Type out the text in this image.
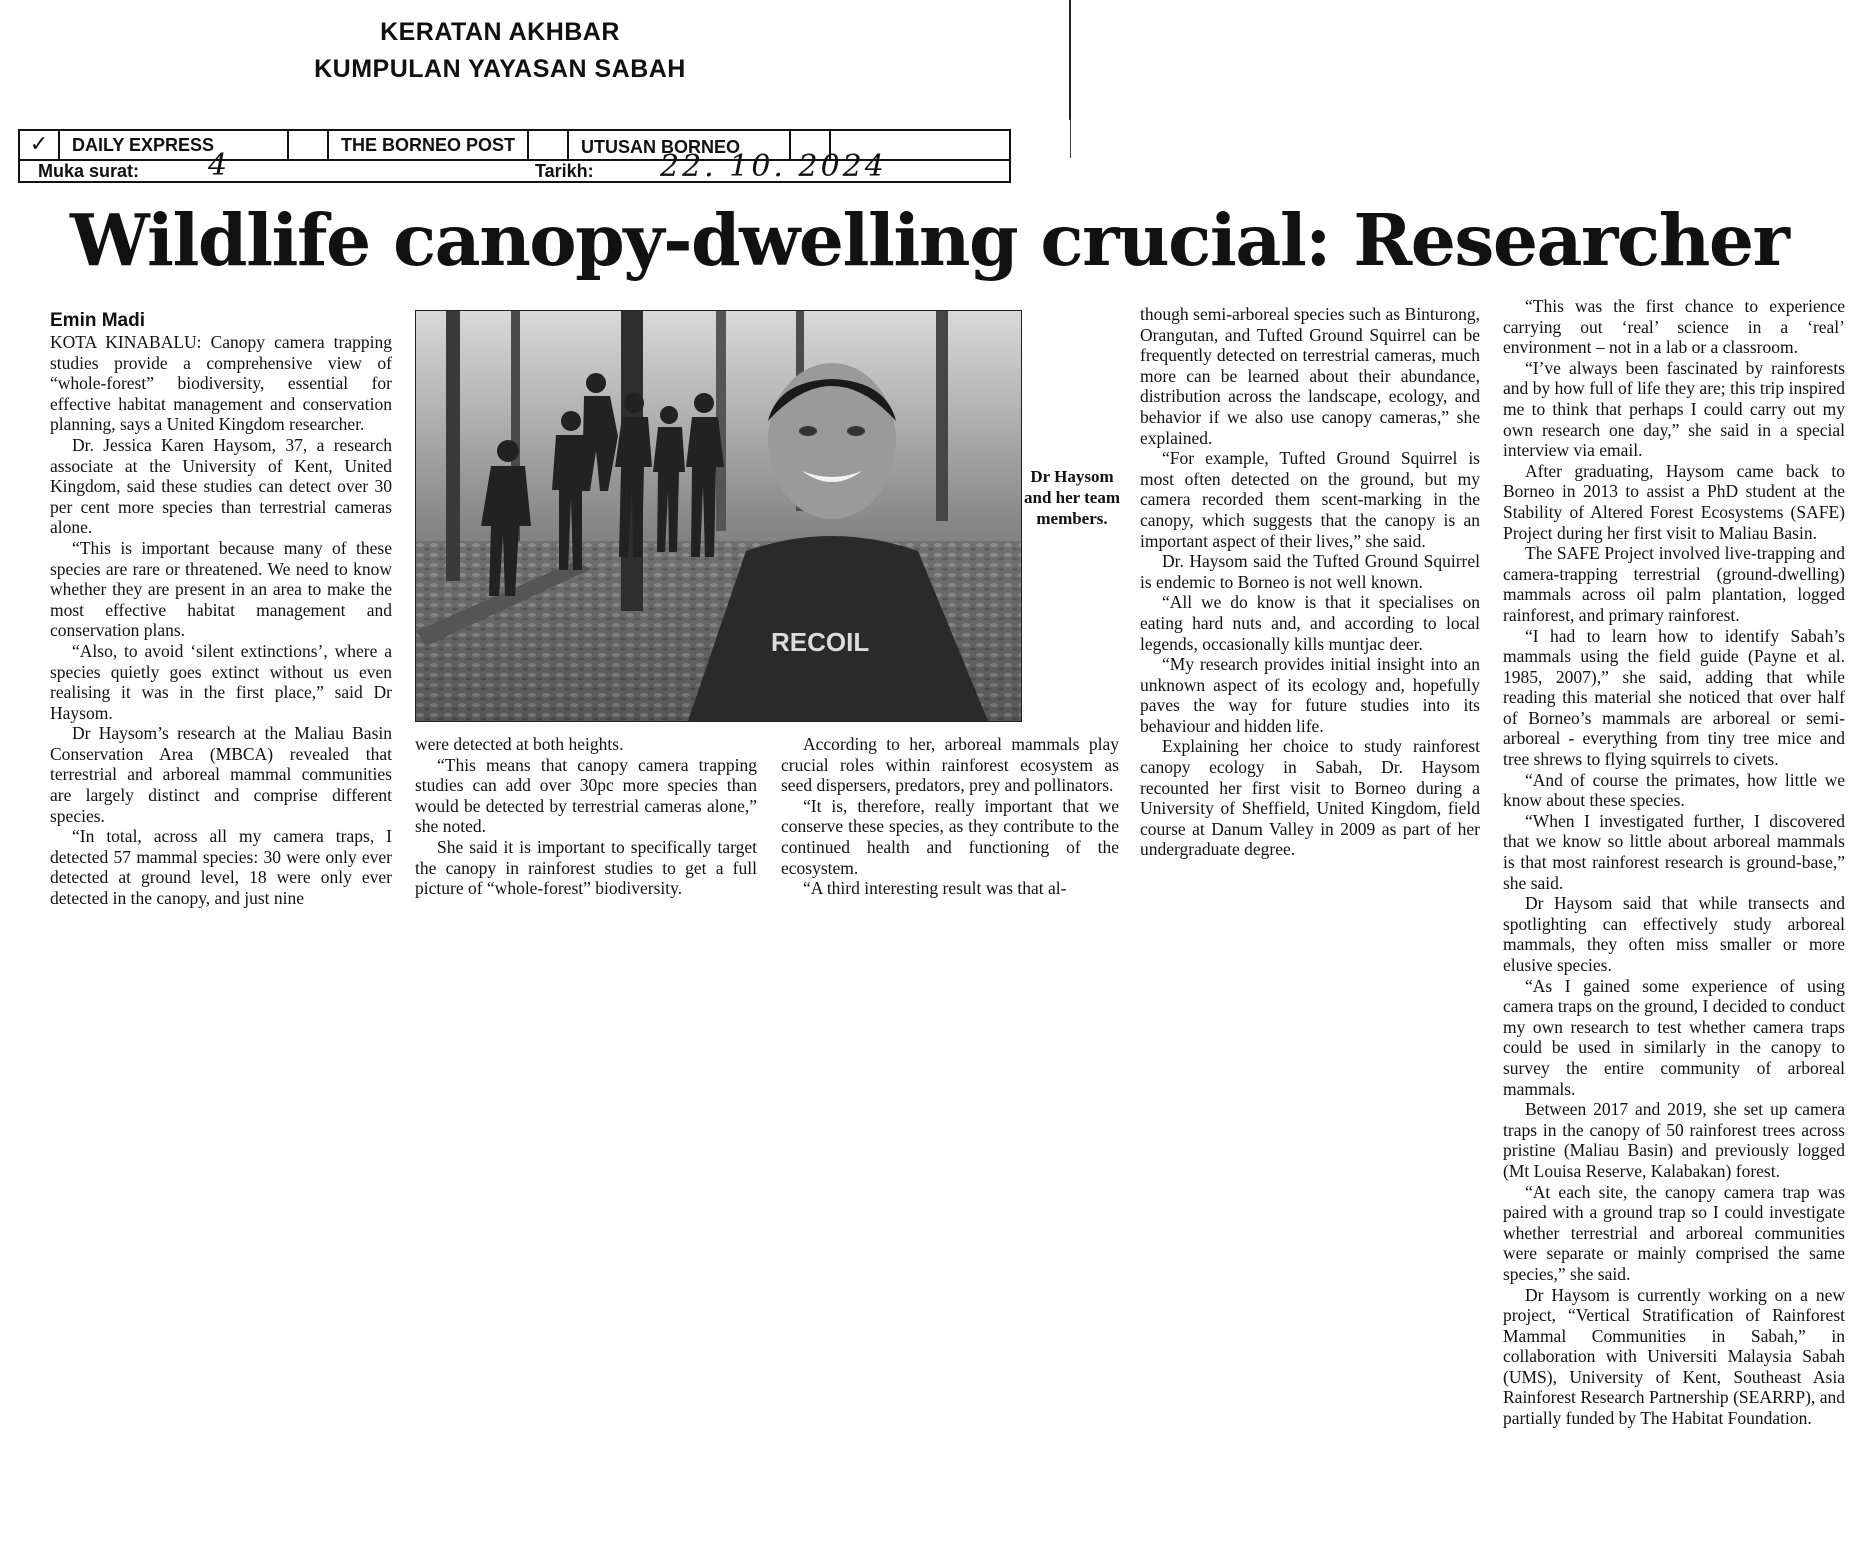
KERATAN AKHBAR
KUMPULAN YAYASAN SABAH
✓	DAILY EXPRESS	THE BORNEO POST	UTUSAN BORNEO
Muka surat: 4	Tarikh: 22. 10. 2024
Wildlife canopy-dwelling crucial: Researcher
Emin Madi

KOTA KINABALU: Canopy camera trapping studies provide a comprehensive view of “whole-forest” biodiversity, essential for effective habitat management and conservation planning, says a United Kingdom researcher.

Dr. Jessica Karen Haysom, 37, a research associate at the University of Kent, United Kingdom, said these studies can detect over 30 per cent more species than terrestrial cameras alone.

“This is important because many of these species are rare or threatened. We need to know whether they are present in an area to make the most effective habitat management and conservation plans.

“Also, to avoid ‘silent extinctions’, where a species quietly goes extinct without us even realising it was in the first place,” said Dr Haysom.

Dr Haysom’s research at the Maliau Basin Conservation Area (MBCA) revealed that terrestrial and arboreal mammal communities are largely distinct and comprise different species.

“In total, across all my camera traps, I detected 57 mammal species: 30 were only ever detected at ground level, 18 were only ever detected in the canopy, and just nine

RECOIL
Dr Haysom and her team members.

were detected at both heights.

“This means that canopy camera trapping studies can add over 30pc more species than would be detected by terrestrial cameras alone,” she noted.

She said it is important to specifically target the canopy in rainforest studies to get a full picture of “whole-forest” biodiversity.

According to her, arboreal mammals play crucial roles within rainforest ecosystem as seed dispersers, predators, prey and pollinators.

“It is, therefore, really important that we conserve these species, as they contribute to the continued health and functioning of the ecosystem.

“A third interesting result was that al-

though semi-arboreal species such as Binturong, Orangutan, and Tufted Ground Squirrel can be frequently detected on terrestrial cameras, much more can be learned about their abundance, distribution across the landscape, ecology, and behavior if we also use canopy cameras,” she explained.

“For example, Tufted Ground Squirrel is most often detected on the ground, but my camera recorded them scent-marking in the canopy, which suggests that the canopy is an important aspect of their lives,” she said.

Dr. Haysom said the Tufted Ground Squirrel is endemic to Borneo is not well known.

“All we do know is that it specialises on eating hard nuts and, and according to local legends, occasionally kills muntjac deer.

“My research provides initial insight into an unknown aspect of its ecology and, hopefully paves the way for future studies into its behaviour and hidden life.

Explaining her choice to study rainforest canopy ecology in Sabah, Dr. Haysom recounted her first visit to Borneo during a University of Sheffield, United Kingdom, field course at Danum Valley in 2009 as part of her undergraduate degree.

“This was the first chance to experience carrying out ‘real’ science in a ‘real’ environment – not in a lab or a classroom.

“I’ve always been fascinated by rainforests and by how full of life they are; this trip inspired me to think that perhaps I could carry out my own research one day,” she said in a special interview via email.

After graduating, Haysom came back to Borneo in 2013 to assist a PhD student at the Stability of Altered Forest Ecosystems (SAFE) Project during her first visit to Maliau Basin.

The SAFE Project involved live-trapping and camera-trapping terrestrial (ground-dwelling) mammals across oil palm plantation, logged rainforest, and primary rainforest.

“I had to learn how to identify Sabah’s mammals using the field guide (Payne et al. 1985, 2007),” she said, adding that while reading this material she noticed that over half of Borneo’s mammals are arboreal or semi-arboreal - everything from tiny tree mice and tree shrews to flying squirrels to civets.

“And of course the primates, how little we know about these species.

“When I investigated further, I discovered that we know so little about arboreal mammals is that most rainforest research is ground-base,” she said.

Dr Haysom said that while transects and spotlighting can effectively study arboreal mammals, they often miss smaller or more elusive species.

“As I gained some experience of using camera traps on the ground, I decided to conduct my own research to test whether camera traps could be used in similarly in the canopy to survey the entire community of arboreal mammals.

Between 2017 and 2019, she set up camera traps in the canopy of 50 rainforest trees across pristine (Maliau Basin) and previously logged (Mt Louisa Reserve, Kalabakan) forest.

“At each site, the canopy camera trap was paired with a ground trap so I could investigate whether terrestrial and arboreal communities were separate or mainly comprised the same species,” she said.

Dr Haysom is currently working on a new project, “Vertical Stratification of Rainforest Mammal Communities in Sabah,” in collaboration with Universiti Malaysia Sabah (UMS), University of Kent, Southeast Asia Rainforest Research Partnership (SEARRP), and partially funded by The Habitat Foundation.
